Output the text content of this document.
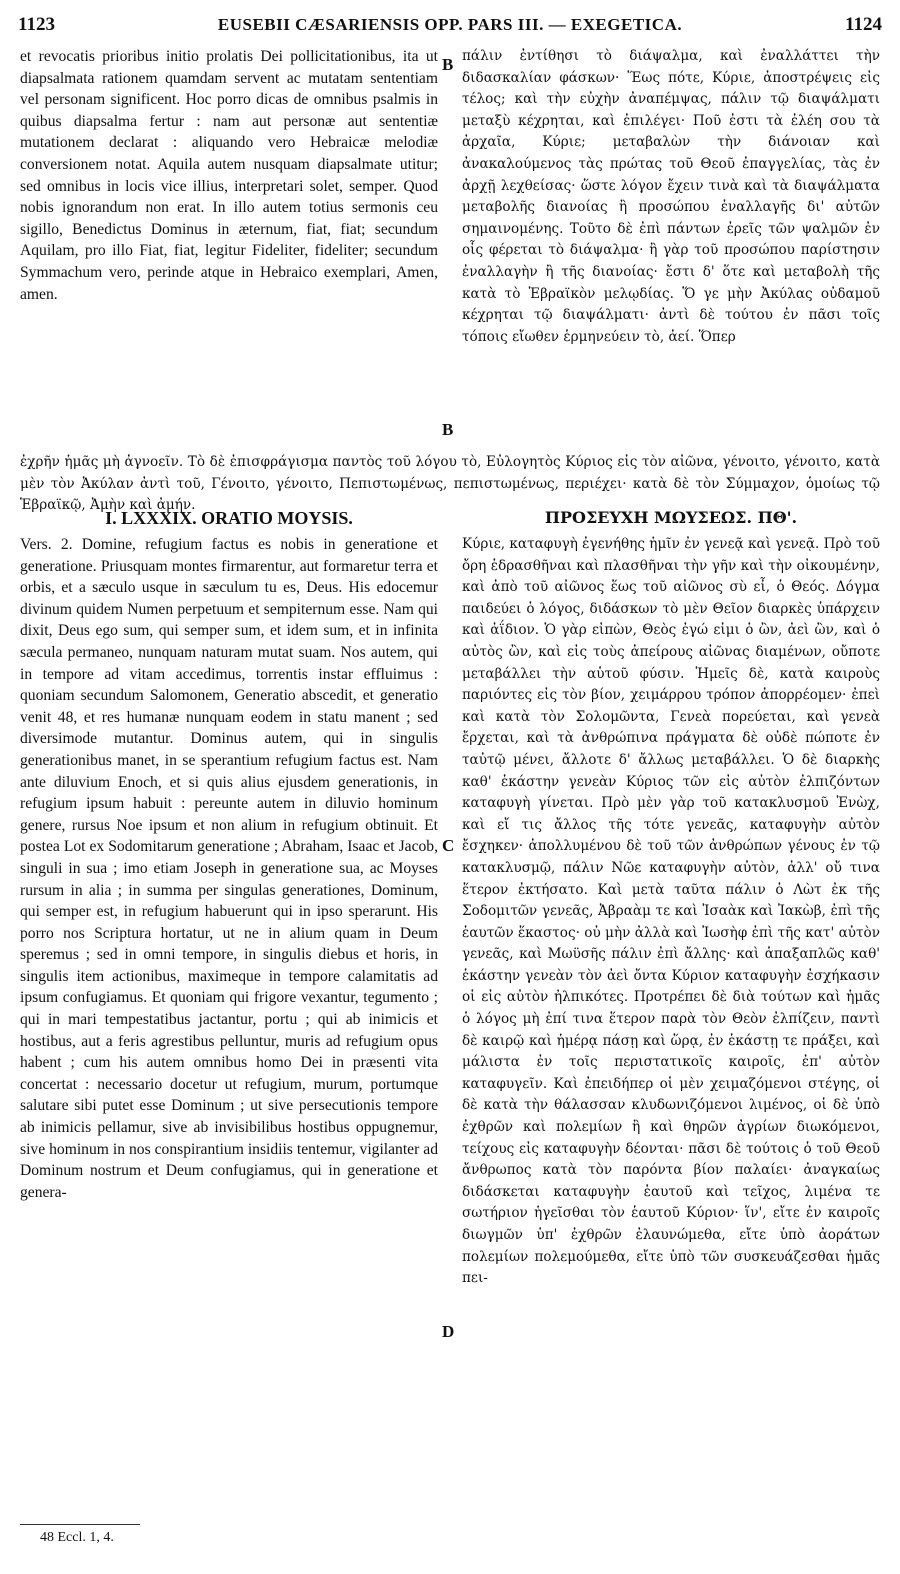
1123	EUSEBII CÆSARIENSIS OPP. PARS III. — EXEGETICA.	1124

et revocatis prioribus initio prolatis Dei pollicitationibus, ita ut diapsalmata rationem quamdam servent ac mutatam sententiam vel personam significent. Hoc porro dicas de omnibus psalmis in quibus diapsalma fertur : nam aut personæ aut sententiæ mutationem declarat : aliquando vero Hebraicæ melodiæ conversionem notat. Aquila autem nusquam diapsalmate utitur; sed omnibus in locis vice illius, interpretari solet, semper. Quod nobis ignorandum non erat. In illo autem totius sermonis ceu sigillo, Benedictus Dominus in æternum, fiat, fiat; secundum Aquilam, pro illo Fiat, fiat, legitur Fideliter, fideliter; secundum Symmachum vero, perinde atque in Hebraico exemplari, Amen, amen.

πάλιν ἐντίθησι τὸ διάψαλμα, καὶ ἐναλλάττει τὴν διδασκαλίαν φάσκων· Ἕως πότε, Κύριε, ἀποστρέψεις εἰς τέλος; καὶ τὴν εὐχὴν ἀναπέμψας, πάλιν τῷ διαψάλματι μεταξὺ κέχρηται, καὶ ἐπιλέγει· Ποῦ ἐστι τὰ ἐλέη σου τὰ ἀρχαῖα, Κύριε; μεταβαλὼν τὴν διάνοιαν καὶ ἀνακαλούμενος τὰς πρώτας τοῦ Θεοῦ ἐπαγγελίας, τὰς ἐν ἀρχῇ λεχθείσας· ὥστε λόγον ἔχειν τινὰ καὶ τὰ διαψάλματα μεταβολῆς διανοίας ἢ προσώπου ἐναλλαγῆς δι' αὐτῶν σημαινομένης. Τοῦτο δὲ ἐπὶ πάντων ἐρεῖς τῶν ψαλμῶν ἐν οἷς φέρεται τὸ διάψαλμα· ἢ γὰρ τοῦ προσώπου παρίστησιν ἐναλλαγὴν ἢ τῆς διανοίας· ἔστι δ' ὅτε καὶ μεταβολὴ τῆς κατὰ τὸ Ἑβραϊκὸν μελῳδίας. Ὅ γε μὴν Ἀκύλας οὐδαμοῦ κέχρηται τῷ διαψάλματι· ἀντὶ δὲ τούτου ἐν πᾶσι τοῖς τόποις εἴωθεν ἑρμηνεύειν τὸ, ἀεί. Ὅπερ

ἐχρῆν ἡμᾶς μὴ ἀγνοεῖν. Τὸ δὲ ἐπισφράγισμα παντὸς τοῦ λόγου τὸ, Εὐλογητὸς Κύριος εἰς τὸν αἰῶνα, γένοιτο, γένοιτο, κατὰ μὲν τὸν Ἀκύλαν ἀντὶ τοῦ, Γένοιτο, γένοιτο, Πεπιστωμένως, πεπιστωμένως, περιέχει· κατὰ δὲ τὸν Σύμμαχον, ὁμοίως τῷ Ἑβραϊκῷ, Ἀμὴν καὶ ἀμήν.

I. LXXXIX. ORATIO MOYSIS.	ΠΡΟΣΕΥΧΗ ΜΩΥΣΕΩΣ. ΠΘ'.

Vers. 2. Domine, refugium factus es nobis in generatione et generatione. Priusquam montes firmarentur, aut formaretur terra et orbis, et a sæculo usque in sæculum tu es, Deus. His edocemur divinum quidem Numen perpetuum et sempiternum esse. Nam qui dixit, Deus ego sum, qui semper sum, et idem sum, et in infinita sæcula permaneo, nunquam naturam mutat suam. Nos autem, qui in tempore ad vitam accedimus, torrentis instar effluimus : quoniam secundum Salomonem, Generatio abscedit, et generatio venit 48, et res humanæ nunquam eodem in statu manent ; sed diversimode mutantur. Dominus autem, qui in singulis generationibus manet, in se sperantium refugium factus est. Nam ante diluvium Enoch, et si quis alius ejusdem generationis, in refugium ipsum habuit : pereunte autem in diluvio hominum genere, rursus Noe ipsum et non alium in refugium obtinuit. Et postea Lot ex Sodomitarum generatione ; Abraham, Isaac et Jacob, singuli in sua ; imo etiam Joseph in generatione sua, ac Moyses rursum in alia ; in summa per singulas generationes, Dominum, qui semper est, in refugium habuerunt qui in ipso sperarunt. His porro nos Scriptura hortatur, ut ne in alium quam in Deum speremus ; sed in omni tempore, in singulis diebus et horis, in singulis item actionibus, maximeque in tempore calamitatis ad ipsum confugiamus. Et quoniam qui frigore vexantur, tegumento ; qui in mari tempestatibus jactantur, portu ; qui ab inimicis et hostibus, aut a feris agrestibus pelluntur, muris ad refugium opus habent ; cum his autem omnibus homo Dei in præsenti vita concertat : necessario docetur ut refugium, murum, portumque salutare sibi putet esse Dominum ; ut sive persecutionis tempore ab inimicis pellamur, sive ab invisibilibus hostibus oppugnemur, sive hominum in nos conspirantium insidiis tentemur, vigilanter ad Dominum nostrum et Deum confugiamus, qui in generatione et genera-

Κύριε, καταφυγὴ ἐγενήθης ἡμῖν ἐν γενεᾷ καὶ γενεᾷ. Πρὸ τοῦ ὄρη ἑδρασθῆναι καὶ πλασθῆναι τὴν γῆν καὶ τὴν οἰκουμένην, καὶ ἀπὸ τοῦ αἰῶνος ἕως τοῦ αἰῶνος σὺ εἶ, ὁ Θεός. Δόγμα παιδεύει ὁ λόγος, διδάσκων τὸ μὲν Θεῖον διαρκὲς ὑπάρχειν καὶ ἀΐδιον. Ὁ γὰρ εἰπὼν, Θεὸς ἐγώ εἰμι ὁ ὢν, ἀεὶ ὢν, καὶ ὁ αὐτὸς ὢν, καὶ εἰς τοὺς ἀπείρους αἰῶνας διαμένων, οὔποτε μεταβάλλει τὴν αὑτοῦ φύσιν. Ἡμεῖς δὲ, κατὰ καιροὺς παριόντες εἰς τὸν βίον, χειμάρρου τρόπον ἀπορρέομεν· ἐπεὶ καὶ κατὰ τὸν Σολομῶντα, Γενεὰ πορεύεται, καὶ γενεὰ ἔρχεται, καὶ τὰ ἀνθρώπινα πράγματα δὲ οὐδὲ πώποτε ἐν ταὐτῷ μένει, ἄλλοτε δ' ἄλλως μεταβάλλει. Ὁ δὲ διαρκὴς καθ' ἑκάστην γενεὰν Κύριος τῶν εἰς αὐτὸν ἐλπιζόντων καταφυγὴ γίνεται. Πρὸ μὲν γὰρ τοῦ κατακλυσμοῦ Ἐνὼχ, καὶ εἴ τις ἄλλος τῆς τότε γενεᾶς, καταφυγὴν αὐτὸν ἔσχηκεν· ἀπολλυμένου δὲ τοῦ τῶν ἀνθρώπων γένους ἐν τῷ κατακλυσμῷ, πάλιν Νῶε καταφυγὴν αὐτὸν, ἀλλ' οὔ τινα ἕτερον ἐκτήσατο. Καὶ μετὰ ταῦτα πάλιν ὁ Λὼτ ἐκ τῆς Σοδομιτῶν γενεᾶς, Ἀβραὰμ τε καὶ Ἰσαὰκ καὶ Ἰακὼβ, ἐπὶ τῆς ἑαυτῶν ἕκαστος· οὐ μὴν ἀλλὰ καὶ Ἰωσὴφ ἐπὶ τῆς κατ' αὐτὸν γενεᾶς, καὶ Μωϋσῆς πάλιν ἐπὶ ἄλλης· καὶ ἁπαξαπλῶς καθ' ἑκάστην γενεὰν τὸν ἀεὶ ὄντα Κύριον καταφυγὴν ἐσχήκασιν οἱ εἰς αὐτὸν ἠλπικότες. Προτρέπει δὲ διὰ τούτων καὶ ἡμᾶς ὁ λόγος μὴ ἐπί τινα ἕτερον παρὰ τὸν Θεὸν ἐλπίζειν, παντὶ δὲ καιρῷ καὶ ἡμέρᾳ πάσῃ καὶ ὥρᾳ, ἐν ἑκάστῃ τε πράξει, καὶ μάλιστα ἐν τοῖς περιστατικοῖς καιροῖς, ἐπ' αὐτὸν καταφυγεῖν. Καὶ ἐπειδήπερ οἱ μὲν χειμαζόμενοι στέγης, οἱ δὲ κατὰ τὴν θάλασσαν κλυδωνιζόμενοι λιμένος, οἱ δὲ ὑπὸ ἐχθρῶν καὶ πολεμίων ἢ καὶ θηρῶν ἀγρίων διωκόμενοι, τείχους εἰς καταφυγὴν δέονται· πᾶσι δὲ τούτοις ὁ τοῦ Θεοῦ ἄνθρωπος κατὰ τὸν παρόντα βίον παλαίει· ἀναγκαίως διδάσκεται καταφυγὴν ἑαυτοῦ καὶ τεῖχος, λιμένα τε σωτήριον ἡγεῖσθαι τὸν ἑαυτοῦ Κύριον· ἵν', εἴτε ἐν καιροῖς διωγμῶν ὑπ' ἐχθρῶν ἐλαυνώμεθα, εἴτε ὑπὸ ἀοράτων πολεμίων πολεμούμεθα, εἴτε ὑπὸ τῶν συσκευάζεσθαι ἡμᾶς πει-

B
B
C
D
48 Eccl. 1, 4.
